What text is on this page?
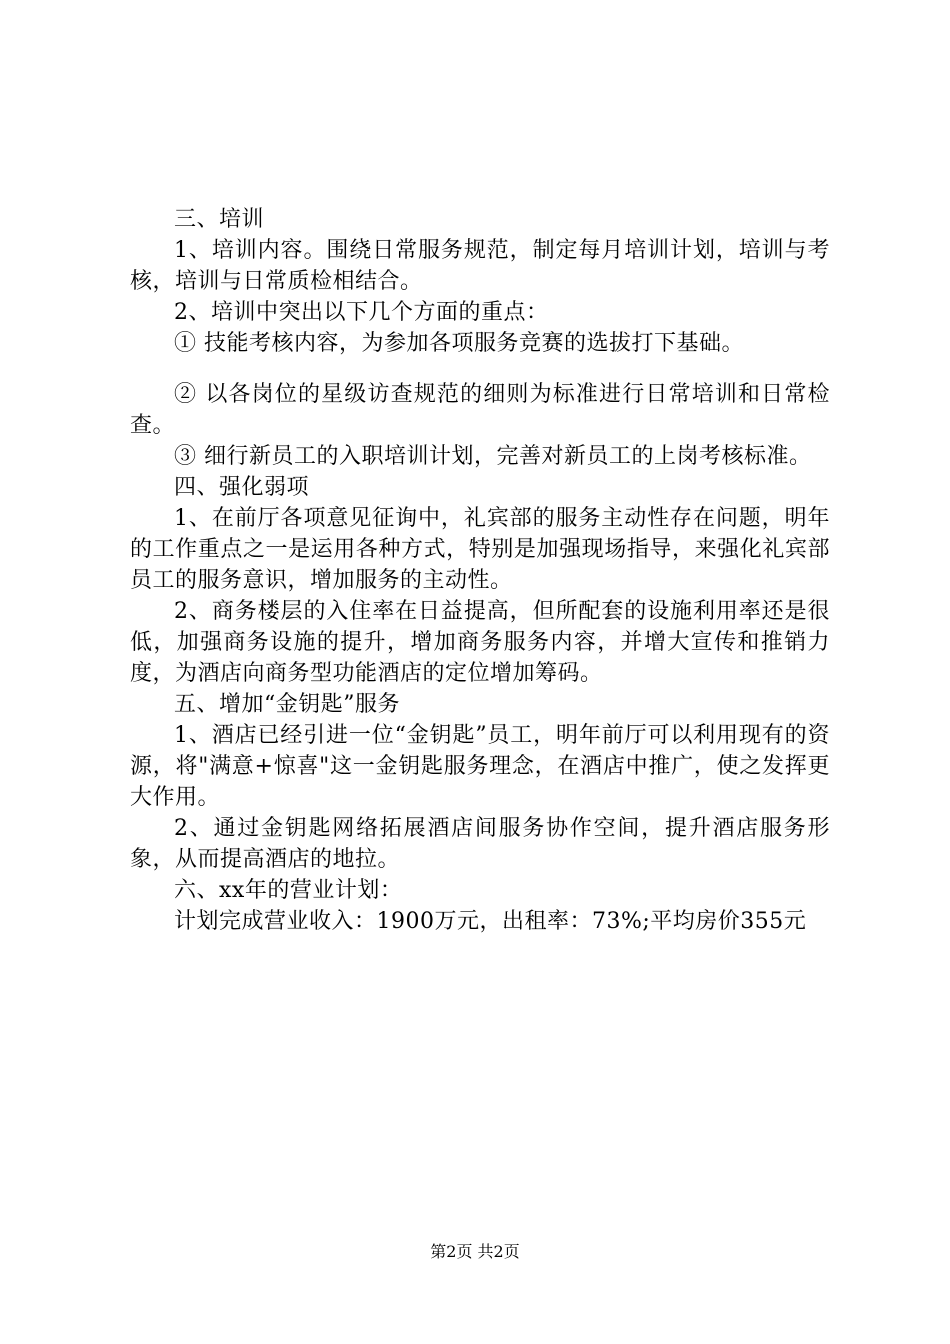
三、培训

1、培训内容。围绕日常服务规范，制定每月培训计划，培训与考核，培训与日常质检相结合。

2、培训中突出以下几个方面的重点：

① 技能考核内容，为参加各项服务竞赛的选拔打下基础。

② 以各岗位的星级访查规范的细则为标准进行日常培训和日常检查。

③ 细行新员工的入职培训计划，完善对新员工的上岗考核标准。

四、强化弱项

1、在前厅各项意见征询中，礼宾部的服务主动性存在问题，明年的工作重点之一是运用各种方式，特别是加强现场指导，来强化礼宾部员工的服务意识，增加服务的主动性。

2、商务楼层的入住率在日益提高，但所配套的设施利用率还是很低，加强商务设施的提升，增加商务服务内容，并增大宣传和推销力度，为酒店向商务型功能酒店的定位增加筹码。

五、增加“金钥匙”服务

1、酒店已经引进一位“金钥匙”员工，明年前厅可以利用现有的资源，将"满意+惊喜"这一金钥匙服务理念，在酒店中推广，使之发挥更大作用。

2、通过金钥匙网络拓展酒店间服务协作空间，提升酒店服务形象，从而提高酒店的地拉。

六、xx年的营业计划：

计划完成营业收入：1900万元，出租率：73%;平均房价355元

第2页 共2页
